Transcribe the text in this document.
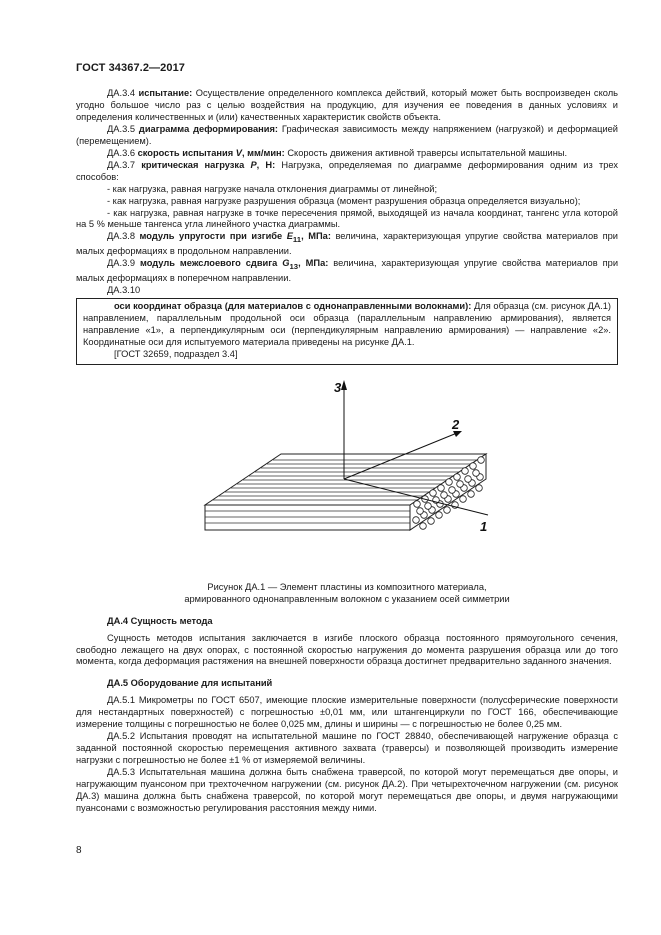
ГОСТ 34367.2—2017

ДА.3.4 испытание: Осуществление определенного комплекса действий, который может быть воспроизведен сколь угодно большое число раз с целью воздействия на продукцию, для изучения ее поведения в данных условиях и определения количественных и (или) качественных характеристик свойств объекта.

ДА.3.5 диаграмма деформирования: Графическая зависимость между напряжением (нагрузкой) и деформацией (перемещением).

ДА.3.6 скорость испытания V, мм/мин: Скорость движения активной траверсы испытательной машины.

ДА.3.7 критическая нагрузка P, Н: Нагрузка, определяемая по диаграмме деформирования одним из трех способов:

- как нагрузка, равная нагрузке начала отклонения диаграммы от линейной;

- как нагрузка, равная нагрузке разрушения образца (момент разрушения образца определяется визуально);

- как нагрузка, равная нагрузке в точке пересечения прямой, выходящей из начала координат, тангенс угла которой на 5 % меньше тангенса угла линейного участка диаграммы.

ДА.3.8 модуль упругости при изгибе $E_{11}$, МПа: величина, характеризующая упругие свойства материалов при малых деформациях в продольном направлении.

ДА.3.9 модуль межслоевого сдвига $G_{13}$, МПа: величина, характеризующая упругие свойства материалов при малых деформациях в поперечном направлении.

ДА.3.10

оси координат образца (для материалов с однонаправленными волокнами): Для образца (см. рисунок ДА.1) направлением, параллельным продольной оси образца (параллельным направлению армирования), является направление «1», а перпендикулярным оси (перпендикулярным направлению армирования) — направление «2». Координатные оси для испытуемого материала приведены на рисунке ДА.1.

[ГОСТ 32659, подраздел 3.4]

3
2
1

Рисунок ДА.1 — Элемент пластины из композитного материала,

армированного однонаправленным волокном с указанием осей симметрии

ДА.4 Сущность метода

Сущность методов испытания заключается в изгибе плоского образца постоянного прямоугольного сечения, свободно лежащего на двух опорах, с постоянной скоростью нагружения до момента разрушения образца или до того момента, когда деформация растяжения на внешней поверхности образца достигнет предварительно заданного значения.

ДА.5 Оборудование для испытаний

ДА.5.1 Микрометры по ГОСТ 6507, имеющие плоские измерительные поверхности (полусферические поверхности для нестандартных поверхностей) с погрешностью ±0,01 мм, или штангенциркули по ГОСТ 166, обеспечивающие измерение толщины с погрешностью не более 0,025 мм, длины и ширины — с погрешностью не более 0,25 мм.

ДА.5.2 Испытания проводят на испытательной машине по ГОСТ 28840, обеспечивающей нагружение образца с заданной постоянной скоростью перемещения активного захвата (траверсы) и позволяющей производить измерение нагрузки с погрешностью не более ±1 % от измеряемой величины.

ДА.5.3 Испытательная машина должна быть снабжена траверсой, по которой могут перемещаться две опоры, и нагружающим пуансоном при трехточечном нагружении (см. рисунок ДА.2). При четырехточечном нагружении (см. рисунок ДА.3) машина должна быть снабжена траверсой, по которой могут перемещаться две опоры, и двумя нагружающими пуансонами с возможностью регулирования расстояния между ними.

8
